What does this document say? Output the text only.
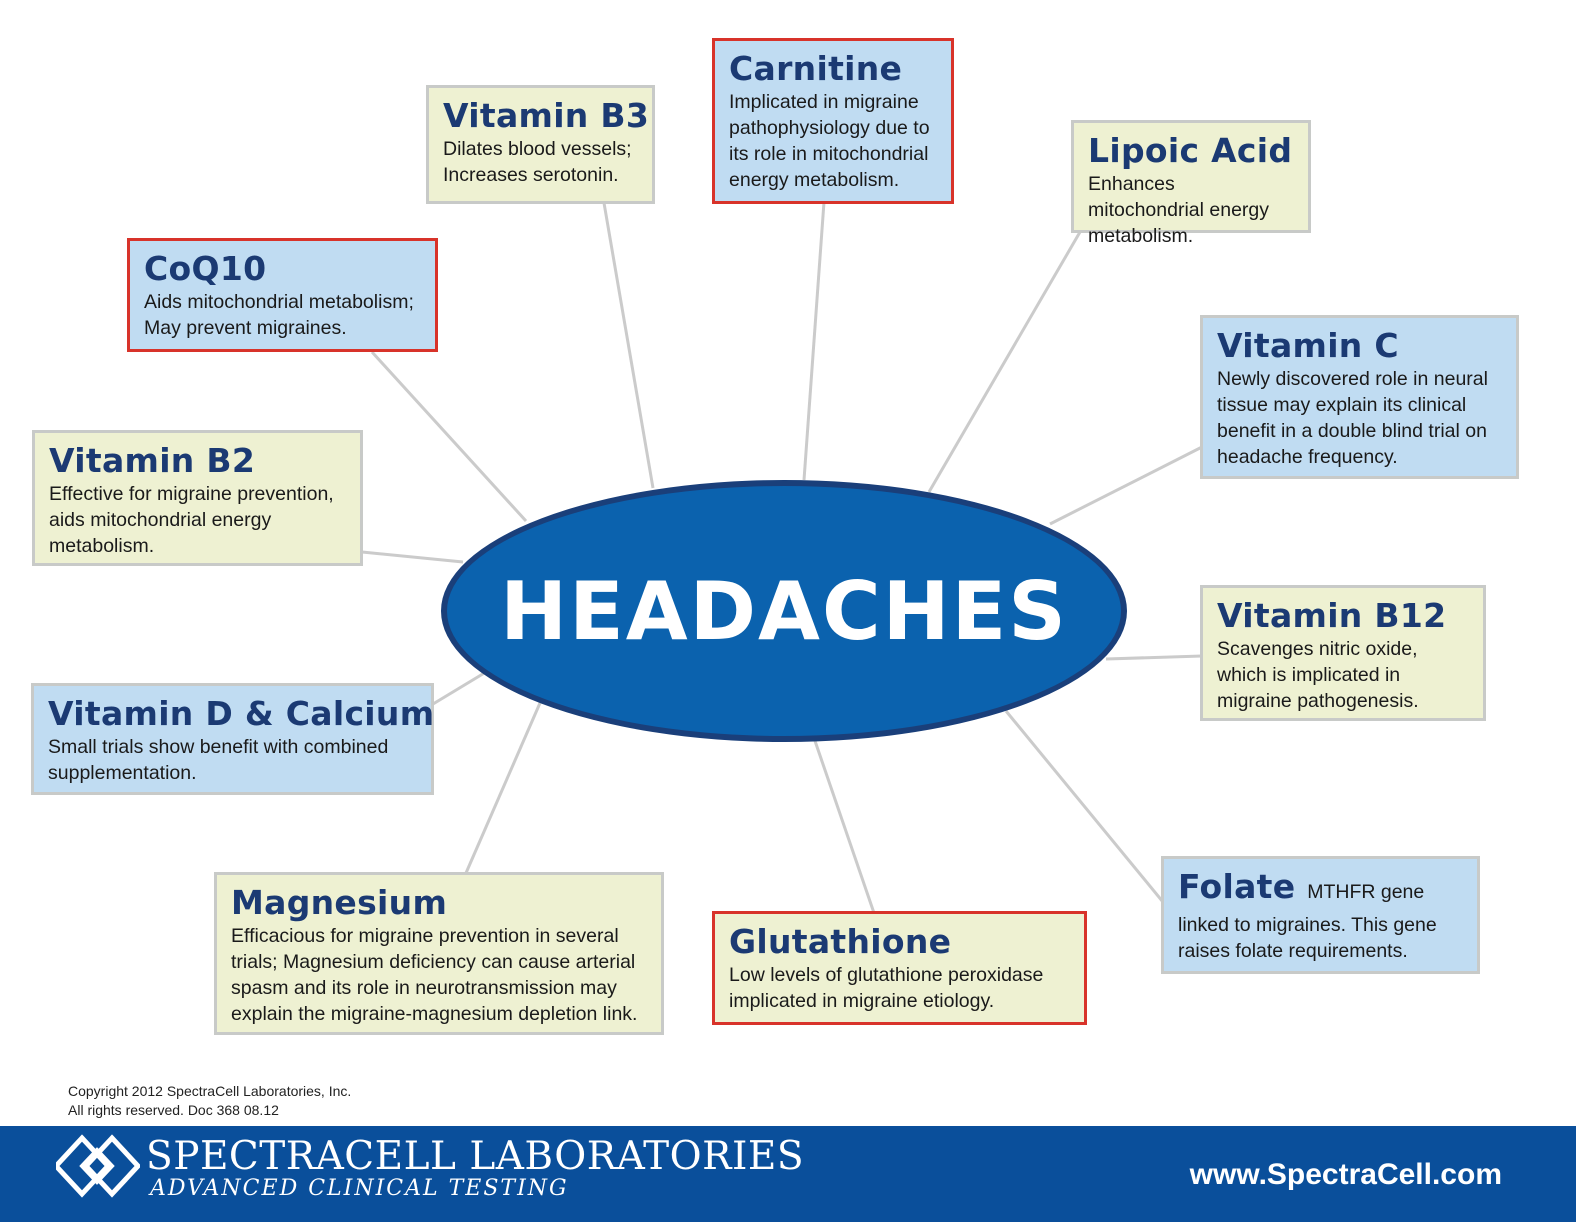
HEADACHES
Vitamin B3
Dilates blood vessels; Increases serotonin.
Carnitine
Implicated in migraine pathophysiology due to its role in mitochondrial energy metabolism.
Lipoic Acid
Enhances mitochondrial energy metabolism.
CoQ10
Aids mitochondrial metabolism; May prevent migraines.	Vitamin C
Newly discovered role in neural tissue may explain its clinical benefit in a double blind trial on headache frequency.
Vitamin B2
Effective for migraine prevention, aids mitochondrial energy metabolism.
Vitamin B12
Scavenges nitric oxide, which is implicated in migraine pathogenesis.
Vitamin D & Calcium
Small trials show benefit with combined supplementation.
Folate MTHFR gene
linked to migraines. This gene raises folate requirements.
Magnesium
Efficacious for migraine prevention in several trials; Magnesium deficiency can cause arterial spasm and its role in neurotransmission may explain the migraine-magnesium depletion link.
Glutathione
Low levels of glutathione peroxidase implicated in migraine etiology.
Copyright 2012 SpectraCell Laboratories, Inc.
All rights reserved. Doc 368 08.12
SPECTRACELL LABORATORIES
ADVANCED CLINICAL TESTING	www.SpectraCell.com
